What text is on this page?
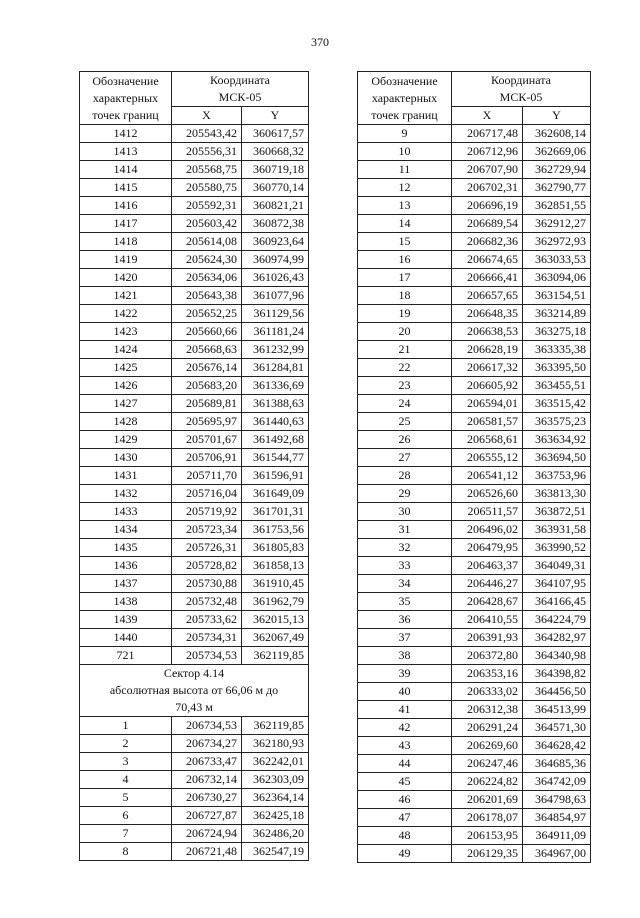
370
Обозначение характерных точек границ	Координата МСК-05	

	X	Y
1412	205543,42	360617,57
1413	205556,31	360668,32
1414	205568,75	360719,18
1415	205580,75	360770,14
1416	205592,31	360821,21
1417	205603,42	360872,38
1418	205614,08	360923,64
1419	205624,30	360974,99
1420	205634,06	361026,43
1421	205643,38	361077,96
1422	205652,25	361129,56
1423	205660,66	361181,24
1424	205668,63	361232,99
1425	205676,14	361284,81
1426	205683,20	361336,69
1427	205689,81	361388,63
1428	205695,97	361440,63
1429	205701,67	361492,68
1430	205706,91	361544,77
1431	205711,70	361596,91
1432	205716,04	361649,09
1433	205719,92	361701,31
1434	205723,34	361753,56
1435	205726,31	361805,83
1436	205728,82	361858,13
1437	205730,88	361910,45
1438	205732,48	361962,79
1439	205733,62	362015,13
1440	205734,31	362067,49
721	205734,53	362119,85

Сектор 4.14
абсолютная высота от 66,06 м до
70,43 м		

1	206734,53	362119,85
2	206734,27	362180,93
3	206733,47	362242,01
4	206732,14	362303,09
5	206730,27	362364,14
6	206727,87	362425,18
7	206724,94	362486,20
8	206721,48	362547,19
Обозначение характерных точек границ	Координата МСК-05	

	X	Y
9	206717,48	362608,14
10	206712,96	362669,06
11	206707,90	362729,94
12	206702,31	362790,77
13	206696,19	362851,55
14	206689,54	362912,27
15	206682,36	362972,93
16	206674,65	363033,53
17	206666,41	363094,06
18	206657,65	363154,51
19	206648,35	363214,89
20	206638,53	363275,18
21	206628,19	363335,38
22	206617,32	363395,50
23	206605,92	363455,51
24	206594,01	363515,42
25	206581,57	363575,23
26	206568,61	363634,92
27	206555,12	363694,50
28	206541,12	363753,96
29	206526,60	363813,30
30	206511,57	363872,51
31	206496,02	363931,58
32	206479,95	363990,52
33	206463,37	364049,31
34	206446,27	364107,95
35	206428,67	364166,45
36	206410,55	364224,79
37	206391,93	364282,97
38	206372,80	364340,98
39	206353,16	364398,82
40	206333,02	364456,50
41	206312,38	364513,99
42	206291,24	364571,30
43	206269,60	364628,42
44	206247,46	364685,36
45	206224,82	364742,09
46	206201,69	364798,63
47	206178,07	364854,97
48	206153,95	364911,09
49	206129,35	364967,00
